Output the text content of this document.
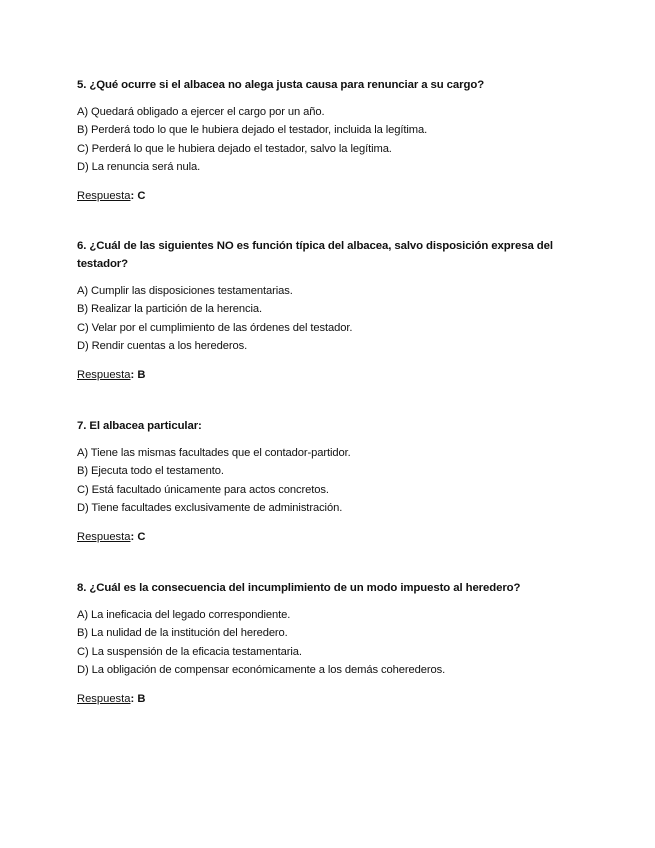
5. ¿Qué ocurre si el albacea no alega justa causa para renunciar a su cargo?

A) Quedará obligado a ejercer el cargo por un año.
B) Perderá todo lo que le hubiera dejado el testador, incluida la legítima.
C) Perderá lo que le hubiera dejado el testador, salvo la legítima.
D) La renuncia será nula.

Respuesta: C

6. ¿Cuál de las siguientes NO es función típica del albacea, salvo disposición expresa del testador?

A) Cumplir las disposiciones testamentarias.
B) Realizar la partición de la herencia.
C) Velar por el cumplimiento de las órdenes del testador.
D) Rendir cuentas a los herederos.

Respuesta: B

7. El albacea particular:

A) Tiene las mismas facultades que el contador-partidor.
B) Ejecuta todo el testamento.
C) Está facultado únicamente para actos concretos.
D) Tiene facultades exclusivamente de administración.

Respuesta: C

8. ¿Cuál es la consecuencia del incumplimiento de un modo impuesto al heredero?

A) La ineficacia del legado correspondiente.
B) La nulidad de la institución del heredero.
C) La suspensión de la eficacia testamentaria.
D) La obligación de compensar económicamente a los demás coherederos.

Respuesta: B
